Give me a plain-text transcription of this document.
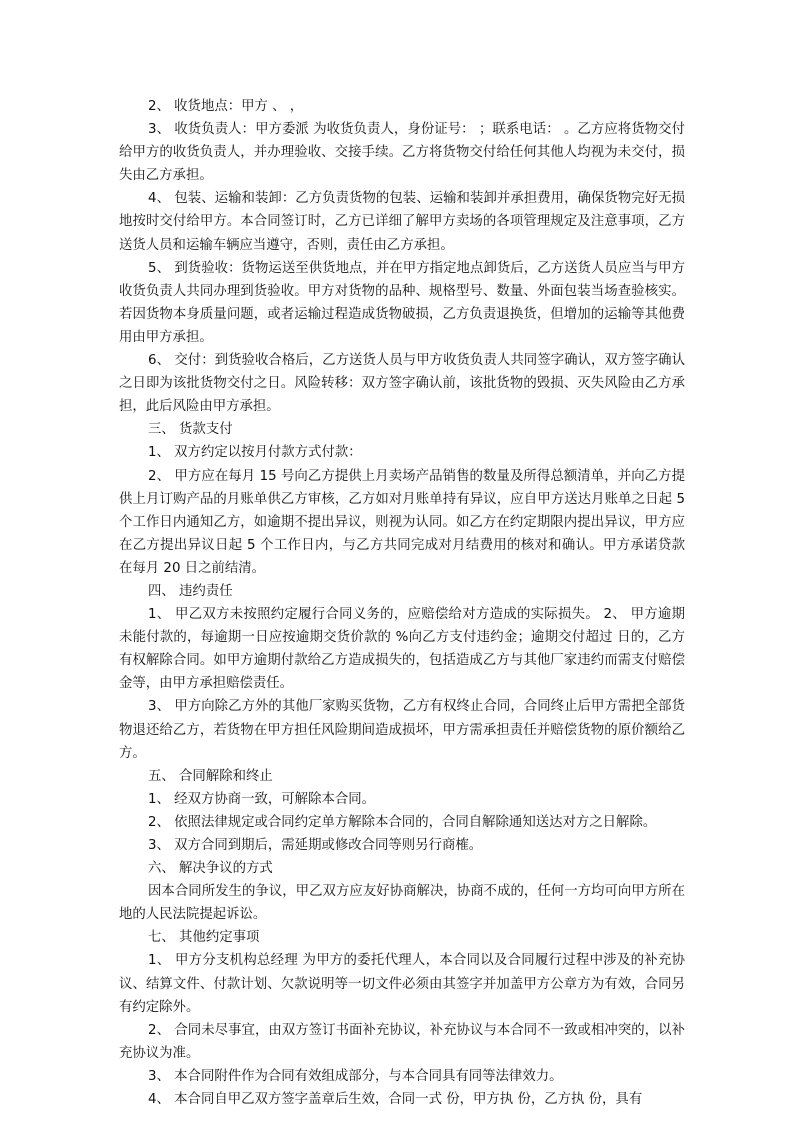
2、 收货地点：甲方 、 ，

3、 收货负责人：甲方委派 为收货负责人，身份证号： ；联系电话： 。乙方应将货物交付给甲方的收货负责人，并办理验收、交接手续。乙方将货物交付给任何其他人均视为未交付，损失由乙方承担。

4、 包装、运输和装卸：乙方负责货物的包装、运输和装卸并承担费用，确保货物完好无损地按时交付给甲方。本合同签订时，乙方已详细了解甲方卖场的各项管理规定及注意事项，乙方送货人员和运输车辆应当遵守，否则，责任由乙方承担。

5、 到货验收：货物运送至供货地点，并在甲方指定地点卸货后，乙方送货人员应当与甲方收货负责人共同办理到货验收。甲方对货物的品种、规格型号、数量、外面包装当场查验核实。若因货物本身质量问题，或者运输过程造成货物破损，乙方负责退换货，但增加的运输等其他费用由甲方承担。

6、 交付：到货验收合格后，乙方送货人员与甲方收货负责人共同签字确认，双方签字确认之日即为该批货物交付之日。风险转移：双方签字确认前，该批货物的毁损、灭失风险由乙方承担，此后风险由甲方承担。

三、 货款支付

1、 双方约定以按月付款方式付款：

2、 甲方应在每月 15 号向乙方提供上月卖场产品销售的数量及所得总额清单，并向乙方提供上月订购产品的月账单供乙方审核，乙方如对月账单持有异议，应自甲方送达月账单之日起 5 个工作日内通知乙方，如逾期不提出异议，则视为认同。如乙方在约定期限内提出异议，甲方应在乙方提出异议日起 5 个工作日内，与乙方共同完成对月结费用的核对和确认。甲方承诺贷款在每月 20 日之前结清。

四、 违约责任

1、 甲乙双方未按照约定履行合同义务的，应赔偿给对方造成的实际损失。 2、 甲方逾期未能付款的，每逾期一日应按逾期交货价款的 %向乙方支付违约金；逾期交付超过 日的，乙方有权解除合同。如甲方逾期付款给乙方造成损失的，包括造成乙方与其他厂家违约而需支付赔偿金等，由甲方承担赔偿责任。

3、 甲方向除乙方外的其他厂家购买货物，乙方有权终止合同，合同终止后甲方需把全部货物退还给乙方，若货物在甲方担任风险期间造成损坏，甲方需承担责任并赔偿货物的原价额给乙方。

五、 合同解除和终止

1、 经双方协商一致，可解除本合同。

2、 依照法律规定或合同约定单方解除本合同的，合同自解除通知送达对方之日解除。

3、 双方合同到期后，需延期或修改合同等则另行商榷。

六、 解决争议的方式

因本合同所发生的争议，甲乙双方应友好协商解决，协商不成的，任何一方均可向甲方所在地的人民法院提起诉讼。

七、 其他约定事项

1、 甲方分支机构总经理 为甲方的委托代理人，本合同以及合同履行过程中涉及的补充协议、结算文件、付款计划、欠款说明等一切文件必须由其签字并加盖甲方公章方为有效，合同另有约定除外。

2、 合同未尽事宜，由双方签订书面补充协议，补充协议与本合同不一致或相冲突的，以补充协议为准。

3、 本合同附件作为合同有效组成部分，与本合同具有同等法律效力。

4、 本合同自甲乙双方签字盖章后生效，合同一式 份，甲方执 份，乙方执 份，具有
